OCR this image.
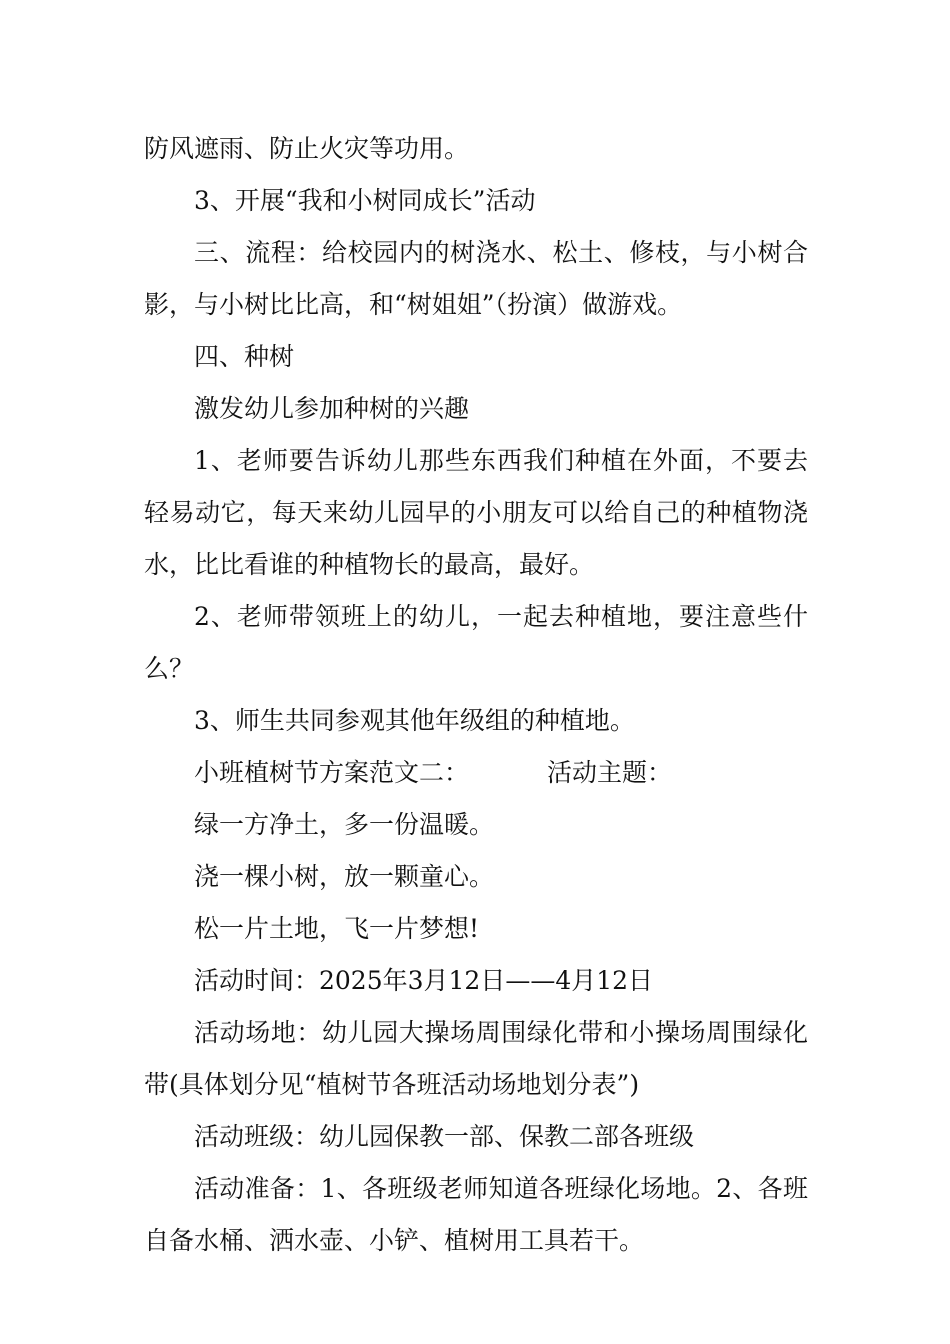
防风遮雨、防止火灾等功用。

3、开展“我和小树同成长”活动

三、流程：给校园内的树浇水、松土、修枝，与小树合影，与小树比比高，和“树姐姐”（扮演）做游戏。

四、种树

激发幼儿参加种树的兴趣

1、老师要告诉幼儿那些东西我们种植在外面，不要去轻易动它，每天来幼儿园早的小朋友可以给自己的种植物浇水，比比看谁的种植物长的最高，最好。

2、老师带领班上的幼儿，一起去种植地，要注意些什么？

3、师生共同参观其他年级组的种植地。

小班植树节方案范文二：	活动主题：

绿一方净土，多一份温暖。

浇一棵小树，放一颗童心。

松一片土地，飞一片梦想!

活动时间：2025年3月12日——4月12日

活动场地：幼儿园大操场周围绿化带和小操场周围绿化带(具体划分见“植树节各班活动场地划分表”)

活动班级：幼儿园保教一部、保教二部各班级

活动准备：1、各班级老师知道各班绿化场地。2、各班自备水桶、洒水壶、小铲、植树用工具若干。
